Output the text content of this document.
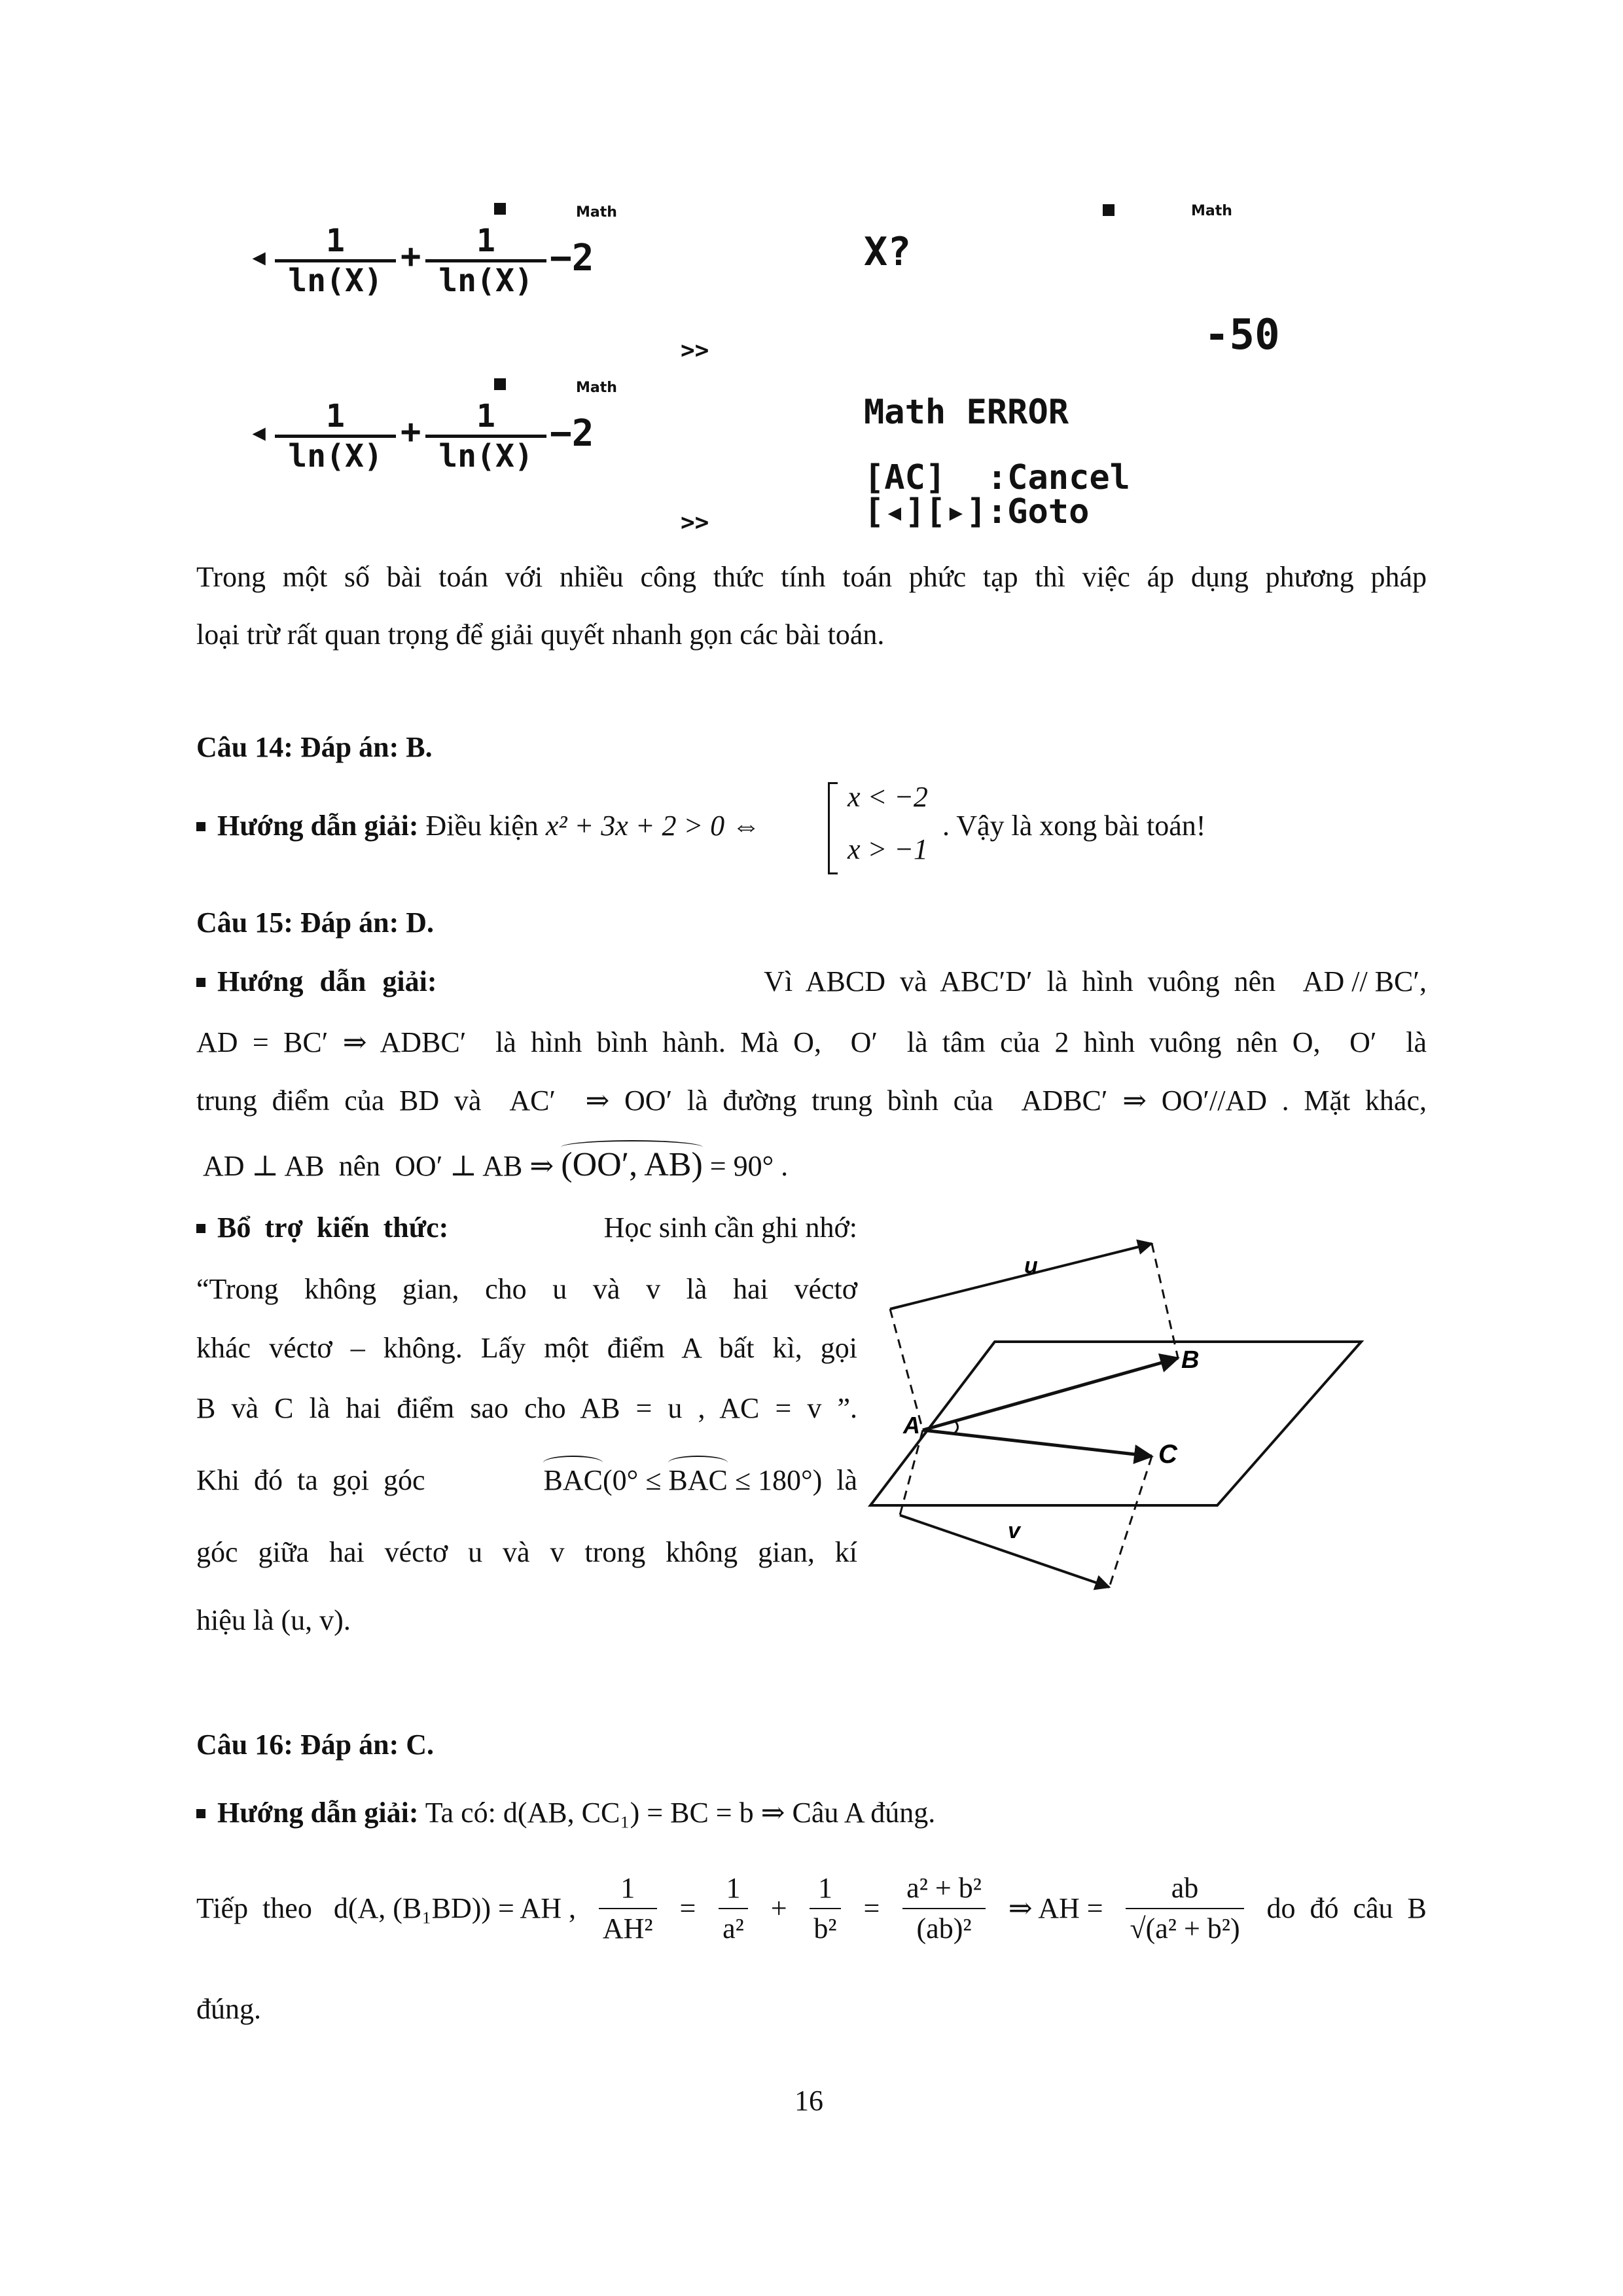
Math
◂ $\frac{1}{\ln(X)} + \frac{1}{\ln(X)} -2$
>>
Math
X?
-50
Math
◂ $\frac{1}{\ln(X)} + \frac{1}{\ln(X)} -2$	Math ERROR
[AC]  :Cancel
[◂][▸]:Goto
>>
Trong một số bài toán với nhiều công thức tính toán phức tạp thì việc áp dụng phương pháp
loại trừ rất quan trọng để giải quyết nhanh gọn các bài toán.
Câu 14: Đáp án: B.
Hướng dẫn giải: Điều kiện x² + 3x + 2 > 0 ⇔
x < −2
x > −1
. Vậy là xong bài toán!
Câu 15: Đáp án: D.
Hướng dẫn giải:	Vì  ABCD  và  ABC′D′  là  hình  vuông  nên    AD // BC′,
AD = BC′ ⇒ ADBC′  là hình bình hành. Mà O,  O′  là tâm của 2 hình vuông nên O,  O′  là
trung điểm của BD và  AC′  ⇒ OO′ là đường trung bình của  ADBC′ ⇒ OO′//AD . Mặt khác,
AD ⊥ AB  nên  OO′ ⊥ AB ⇒ (OO′, AB) = 90° .
Bổ trợ kiến thức:	Học sinh cần ghi nhớ:
“Trong không gian, cho u và v là hai véctơ
khác véctơ – không. Lấy một điểm A bất kì, gọi
B và C là hai điểm sao cho AB = u , AC = v ”.
Khi  đó  ta  gọi  góc	BAC(0° ≤ BAC ≤ 180°)  là
góc giữa hai véctơ u và v trong không gian, kí
hiệu là (u, v).
u
v
A
B
C
Câu 16: Đáp án: C.
Hướng dẫn giải: Ta có: d(AB, CC₁) = BC = b ⇒ Câu A đúng.
Tiếp  theo   d(A, (B₁BD)) = AH , $\frac{1}{\text{AH²}} = \frac{1}{\text{a²}} + \frac{1}{\text{b²}} = \frac{\text{a² + b²}}{\text{(ab)²}}$ ⇒ AH = $\frac{ab}{\text{√(a² + b²)}}$ do  đó  câu  B
đúng.
16
